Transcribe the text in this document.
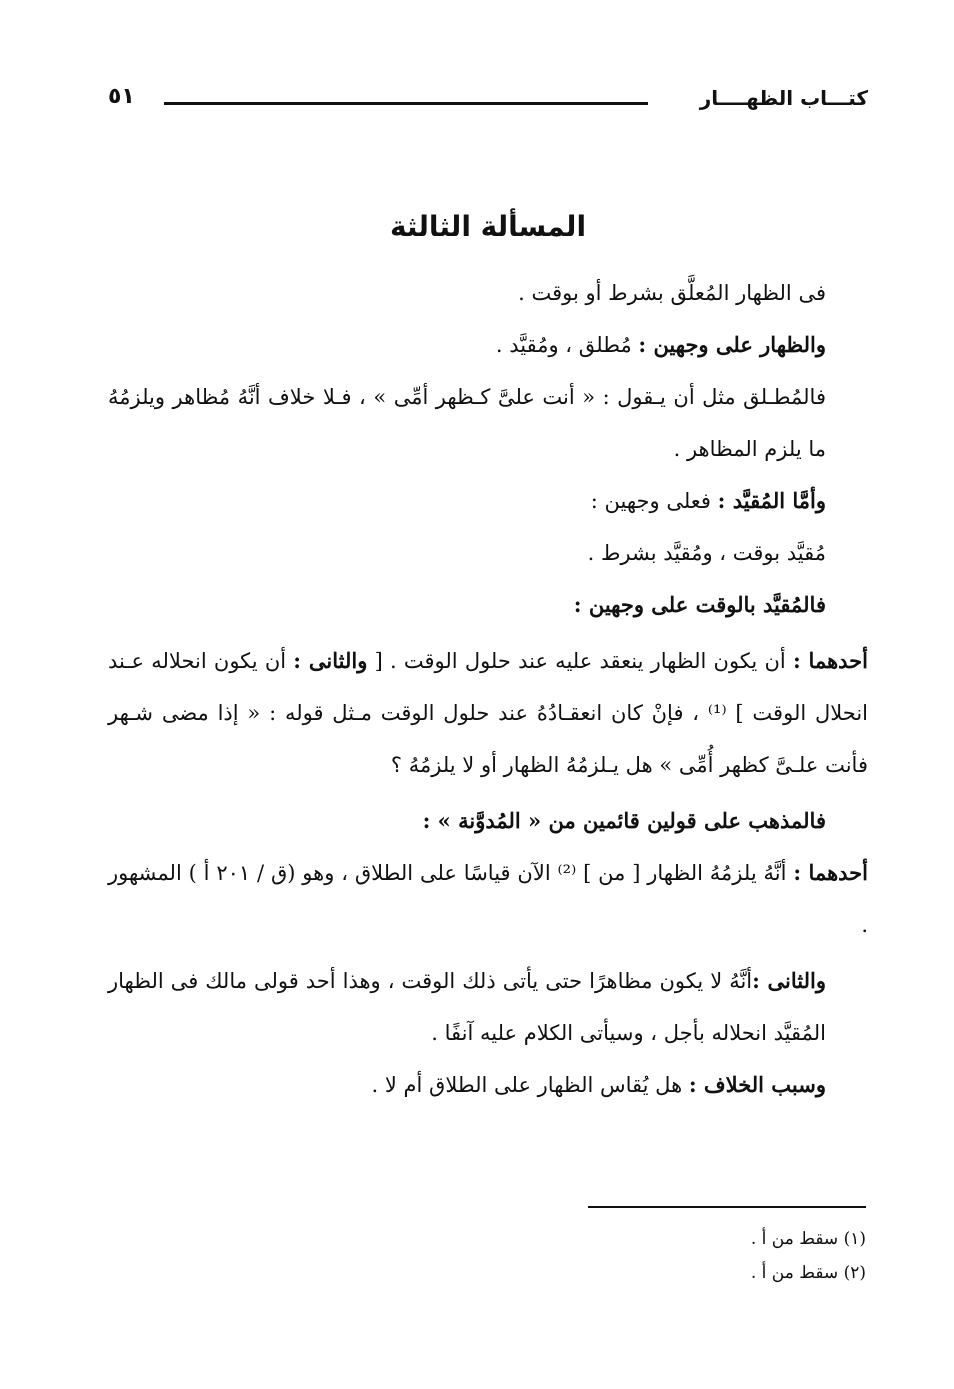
كتـــاب الظهــــار
٥١
المسألة الثالثة

فى الظهار المُعلَّق بشرط أو بوقت .

والظهار على وجهين : مُطلق ، ومُقيَّد .

فالمُطـلق مثل أن يـقول : « أنت علىَّ كـظهر أمِّى » ، فـلا خلاف أنَّهُ مُظاهر ويلزمُهُ ما يلزم المظاهر .

وأمَّا المُقيَّد : فعلى وجهين :

مُقيَّد بوقت ، ومُقيَّد بشرط .

فالمُقيَّد بالوقت على وجهين :

أحدهما : أن يكون الظهار ينعقد عليه عند حلول الوقت . [ والثانى : أن يكون انحلاله عـند انحلال الوقت ] ⁽¹⁾ ، فإنْ كان انعقـادُهُ عند حلول الوقت مـثل قوله : « إذا مضى شـهر فأنت علـىَّ كظهر أُمِّى » هل يـلزمُهُ الظهار أو لا يلزمُهُ ؟

فالمذهب على قولين قائمين من « المُدوَّنة » :

أحدهما : أنَّهُ يلزمُهُ الظهار [ من ] ⁽²⁾ الآن قياسًا على الطلاق ، وهو (ق / ٢٠١ أ ) المشهور .

والثانى :أنَّهُ لا يكون مظاهرًا حتى يأتى ذلك الوقت ، وهذا أحد قولى مالك فى الظهار المُقيَّد انحلاله بأجل ، وسيأتى الكلام عليه آنفًا .

وسبب الخلاف : هل يُقاس الظهار على الطلاق أم لا .

(١) سقط من أ .
(٢) سقط من أ .
